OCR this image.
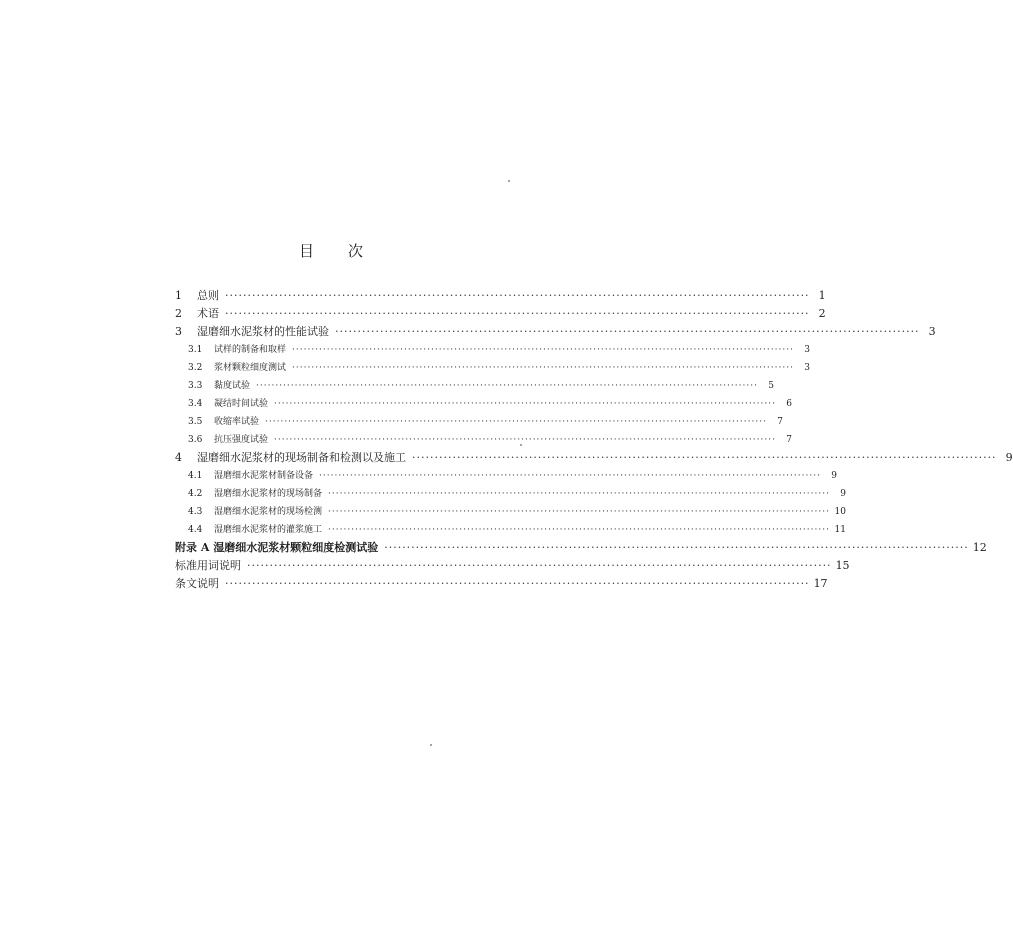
目 次
1	总则 ·····	1
2	术语 ·····	2
3	湿磨细水泥浆材的性能试验 ·····	3
3.1	试样的制备和取样 ·····	3
3.2	浆材颗粒细度测试 ·····	3
3.3	黏度试验 ·····	5
3.4	凝结时间试验 ·····	6
3.5	收缩率试验 ·····	7
3.6	抗压强度试验 ·····	7
4	湿磨细水泥浆材的现场制备和检测以及施工 ·····	9
4.1	湿磨细水泥浆材制备设备 ·····	9
4.2	湿磨细水泥浆材的现场制备 ·····	9
4.3	湿磨细水泥浆材的现场检测 ·····	10
4.4	湿磨细水泥浆材的灌浆施工 ·····	11
附录 A 湿磨细水泥浆材颗粒细度检测试验 ·····	12
标准用词说明 ·····	15
条文说明 ·····	17
